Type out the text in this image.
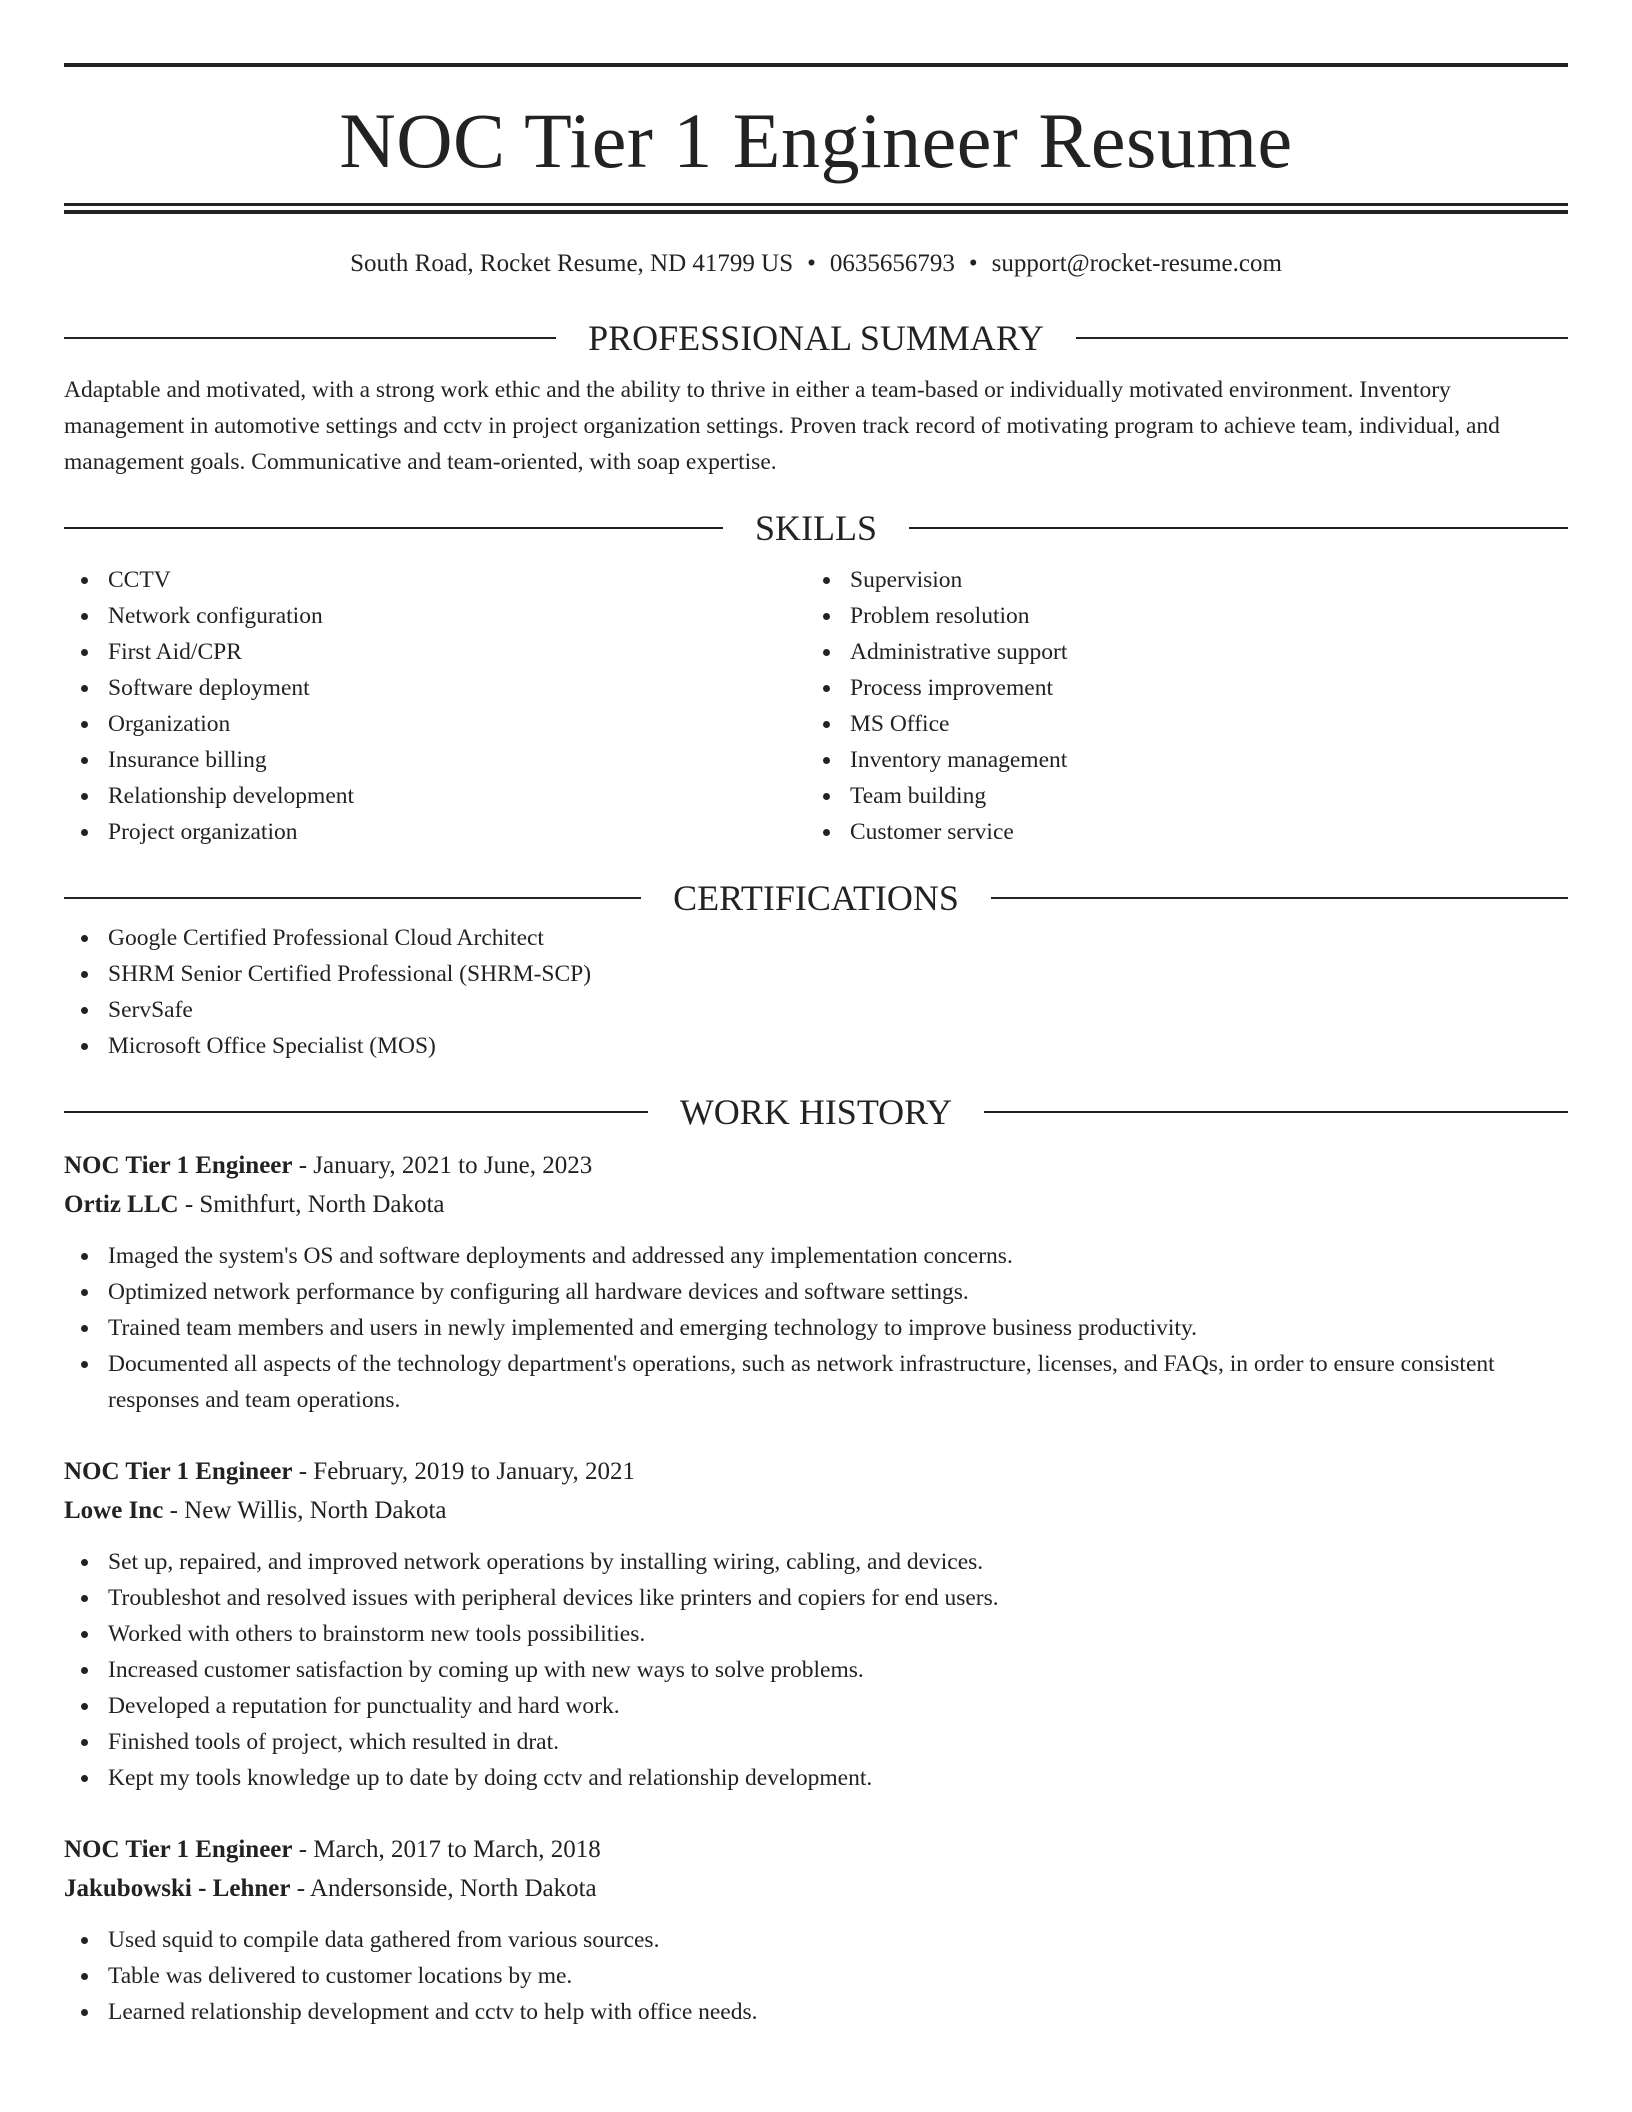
NOC Tier 1 Engineer Resume
South Road, Rocket Resume, ND 41799 US • 0635656793 • support@rocket-resume.com
PROFESSIONAL SUMMARY
Adaptable and motivated, with a strong work ethic and the ability to thrive in either a team-based or individually motivated environment. Inventory management in automotive settings and cctv in project organization settings. Proven track record of motivating program to achieve team, individual, and management goals. Communicative and team-oriented, with soap expertise.
SKILLS
CCTV
Network configuration
First Aid/CPR
Software deployment
Organization
Insurance billing
Relationship development
Project organization
Supervision
Problem resolution
Administrative support
Process improvement
MS Office
Inventory management
Team building
Customer service
CERTIFICATIONS
Google Certified Professional Cloud Architect
SHRM Senior Certified Professional (SHRM-SCP)
ServSafe
Microsoft Office Specialist (MOS)
WORK HISTORY
NOC Tier 1 Engineer - January, 2021 to June, 2023
Ortiz LLC - Smithfurt, North Dakota
Imaged the system's OS and software deployments and addressed any implementation concerns.
Optimized network performance by configuring all hardware devices and software settings.
Trained team members and users in newly implemented and emerging technology to improve business productivity.
Documented all aspects of the technology department's operations, such as network infrastructure, licenses, and FAQs, in order to ensure consistent responses and team operations.
NOC Tier 1 Engineer - February, 2019 to January, 2021
Lowe Inc - New Willis, North Dakota
Set up, repaired, and improved network operations by installing wiring, cabling, and devices.
Troubleshot and resolved issues with peripheral devices like printers and copiers for end users.
Worked with others to brainstorm new tools possibilities.
Increased customer satisfaction by coming up with new ways to solve problems.
Developed a reputation for punctuality and hard work.
Finished tools of project, which resulted in drat.
Kept my tools knowledge up to date by doing cctv and relationship development.
NOC Tier 1 Engineer - March, 2017 to March, 2018
Jakubowski - Lehner - Andersonside, North Dakota
Used squid to compile data gathered from various sources.
Table was delivered to customer locations by me.
Learned relationship development and cctv to help with office needs.
